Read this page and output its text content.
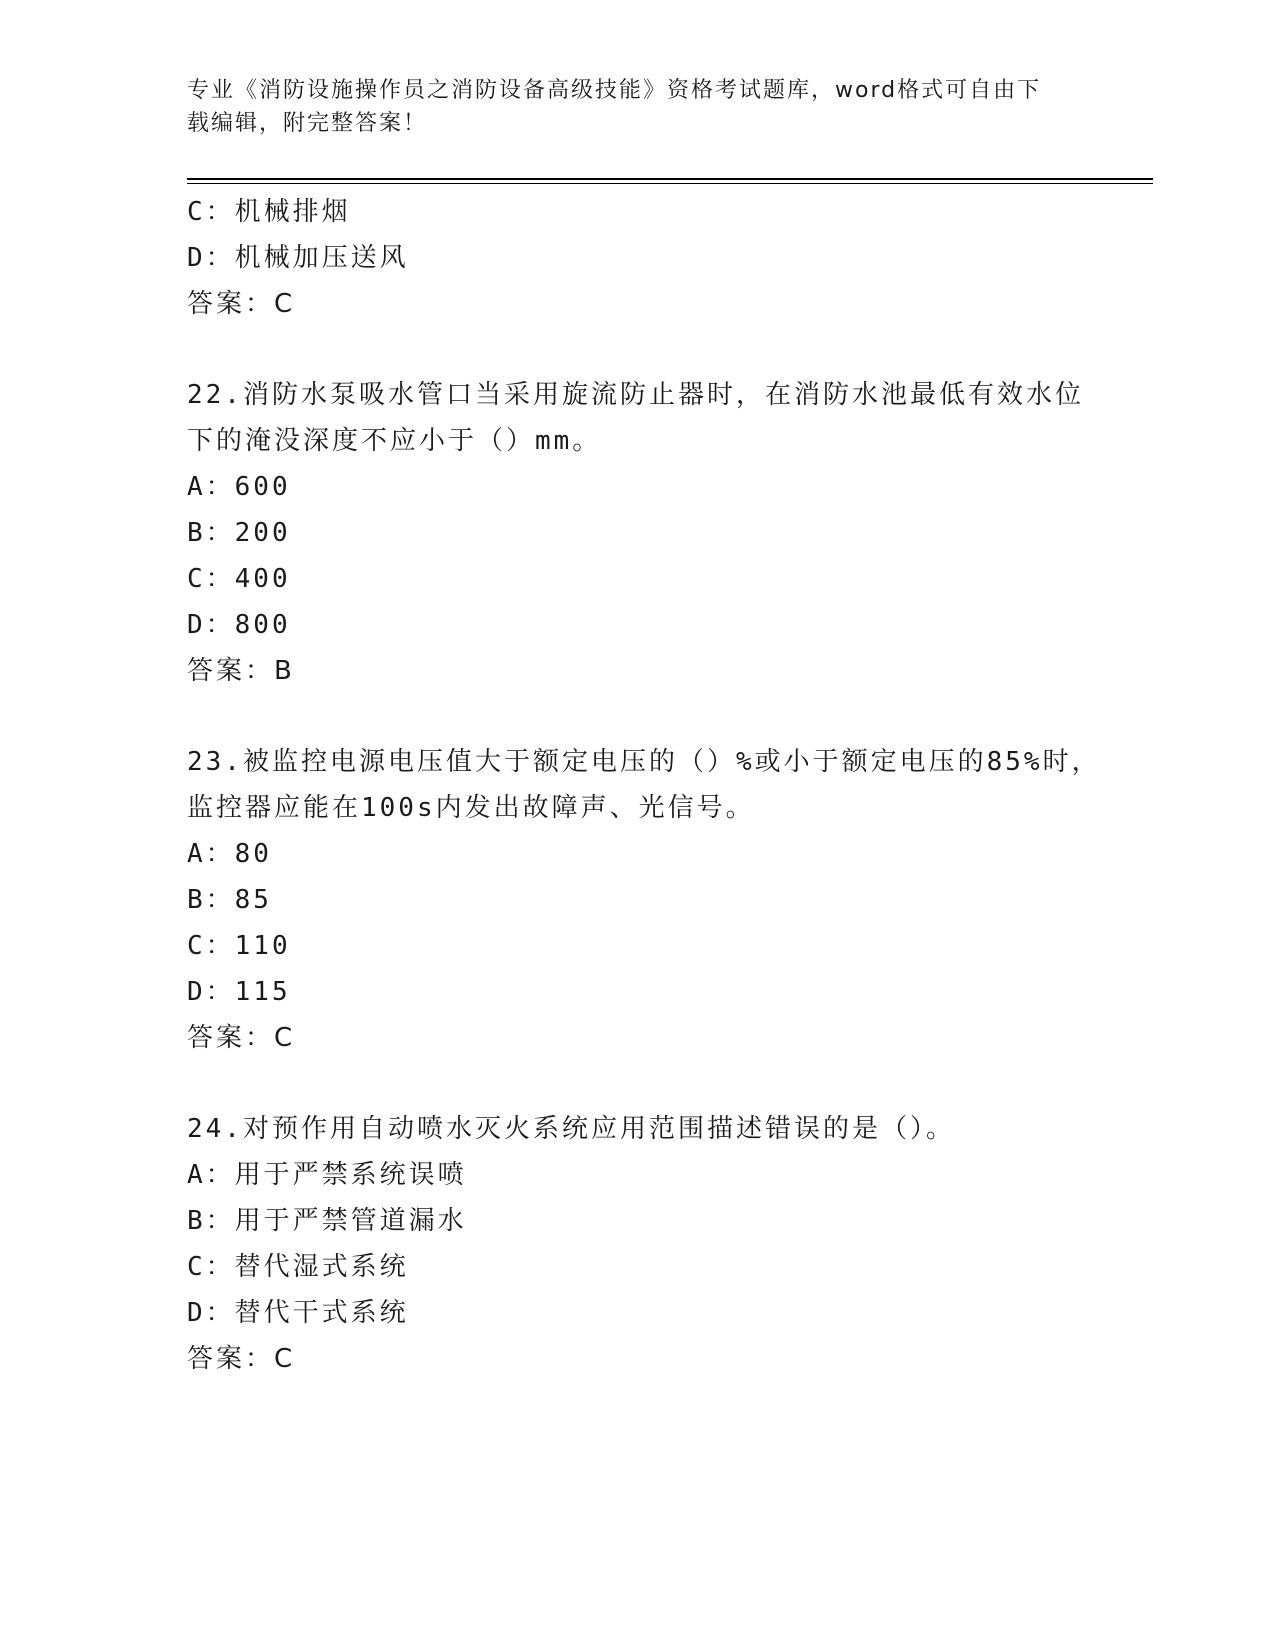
专业《消防设施操作员之消防设备高级技能》资格考试题库，word格式可自由下
载编辑，附完整答案！
C：机械排烟
D：机械加压送风
答案：C
22.消防水泵吸水管口当采用旋流防止器时，在消防水池最低有效水位
下的淹没深度不应小于（）mm。
A：600
B：200
C：400
D：800
答案：B
23.被监控电源电压值大于额定电压的（）%或小于额定电压的85%时，
监控器应能在100s内发出故障声、光信号。
A：80
B：85
C：110
D：115
答案：C
24.对预作用自动喷水灭火系统应用范围描述错误的是（）。
A：用于严禁系统误喷
B：用于严禁管道漏水
C：替代湿式系统
D：替代干式系统
答案：C
